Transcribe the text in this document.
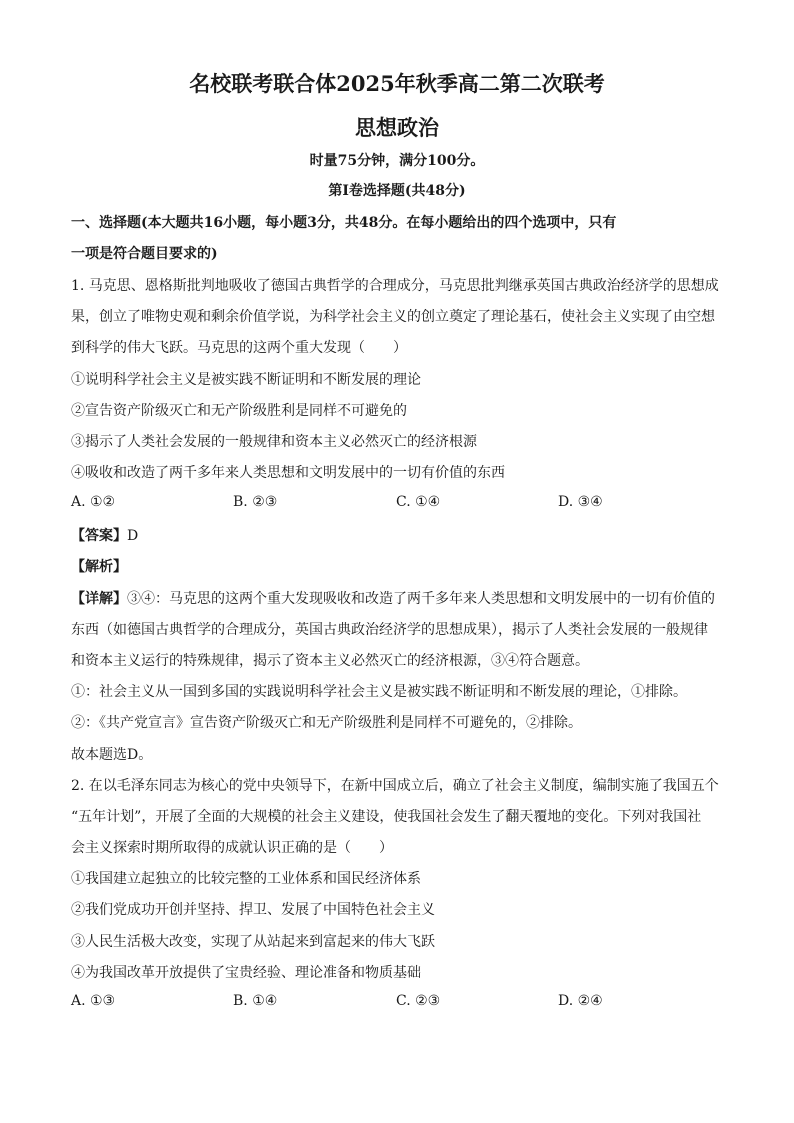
名校联考联合体2025年秋季高二第二次联考
思想政治
时量75分钟，满分100分。
第Ⅰ卷选择题(共48分)
一、选择题(本大题共16小题，每小题3分，共48分。在每小题给出的四个选项中，只有
一项是符合题目要求的)
1. 马克思、恩格斯批判地吸收了德国古典哲学的合理成分，马克思批判继承英国古典政治经济学的思想成
果，创立了唯物史观和剩余价值学说，为科学社会主义的创立奠定了理论基石，使社会主义实现了由空想
到科学的伟大飞跃。马克思的这两个重大发现（　　）
①说明科学社会主义是被实践不断证明和不断发展的理论
②宣告资产阶级灭亡和无产阶级胜利是同样不可避免的
③揭示了人类社会发展的一般规律和资本主义必然灭亡的经济根源
④吸收和改造了两千多年来人类思想和文明发展中的一切有价值的东西
A. ①②	B. ②③	C. ①④	D. ③④
【答案】D
【解析】
【详解】③④：马克思的这两个重大发现吸收和改造了两千多年来人类思想和文明发展中的一切有价值的
东西（如德国古典哲学的合理成分，英国古典政治经济学的思想成果），揭示了人类社会发展的一般规律
和资本主义运行的特殊规律，揭示了资本主义必然灭亡的经济根源，③④符合题意。
①：社会主义从一国到多国的实践说明科学社会主义是被实践不断证明和不断发展的理论，①排除。
②：《共产党宣言》宣告资产阶级灭亡和无产阶级胜利是同样不可避免的，②排除。
故本题选D。
2. 在以毛泽东同志为核心的党中央领导下，在新中国成立后，确立了社会主义制度，编制实施了我国五个
“五年计划”，开展了全面的大规模的社会主义建设，使我国社会发生了翻天覆地的变化。下列对我国社
会主义探索时期所取得的成就认识正确的是（　　）
①我国建立起独立的比较完整的工业体系和国民经济体系
②我们党成功开创并坚持、捍卫、发展了中国特色社会主义
③人民生活极大改变，实现了从站起来到富起来的伟大飞跃
④为我国改革开放提供了宝贵经验、理论准备和物质基础
A. ①③	B. ①④	C. ②③	D. ②④
